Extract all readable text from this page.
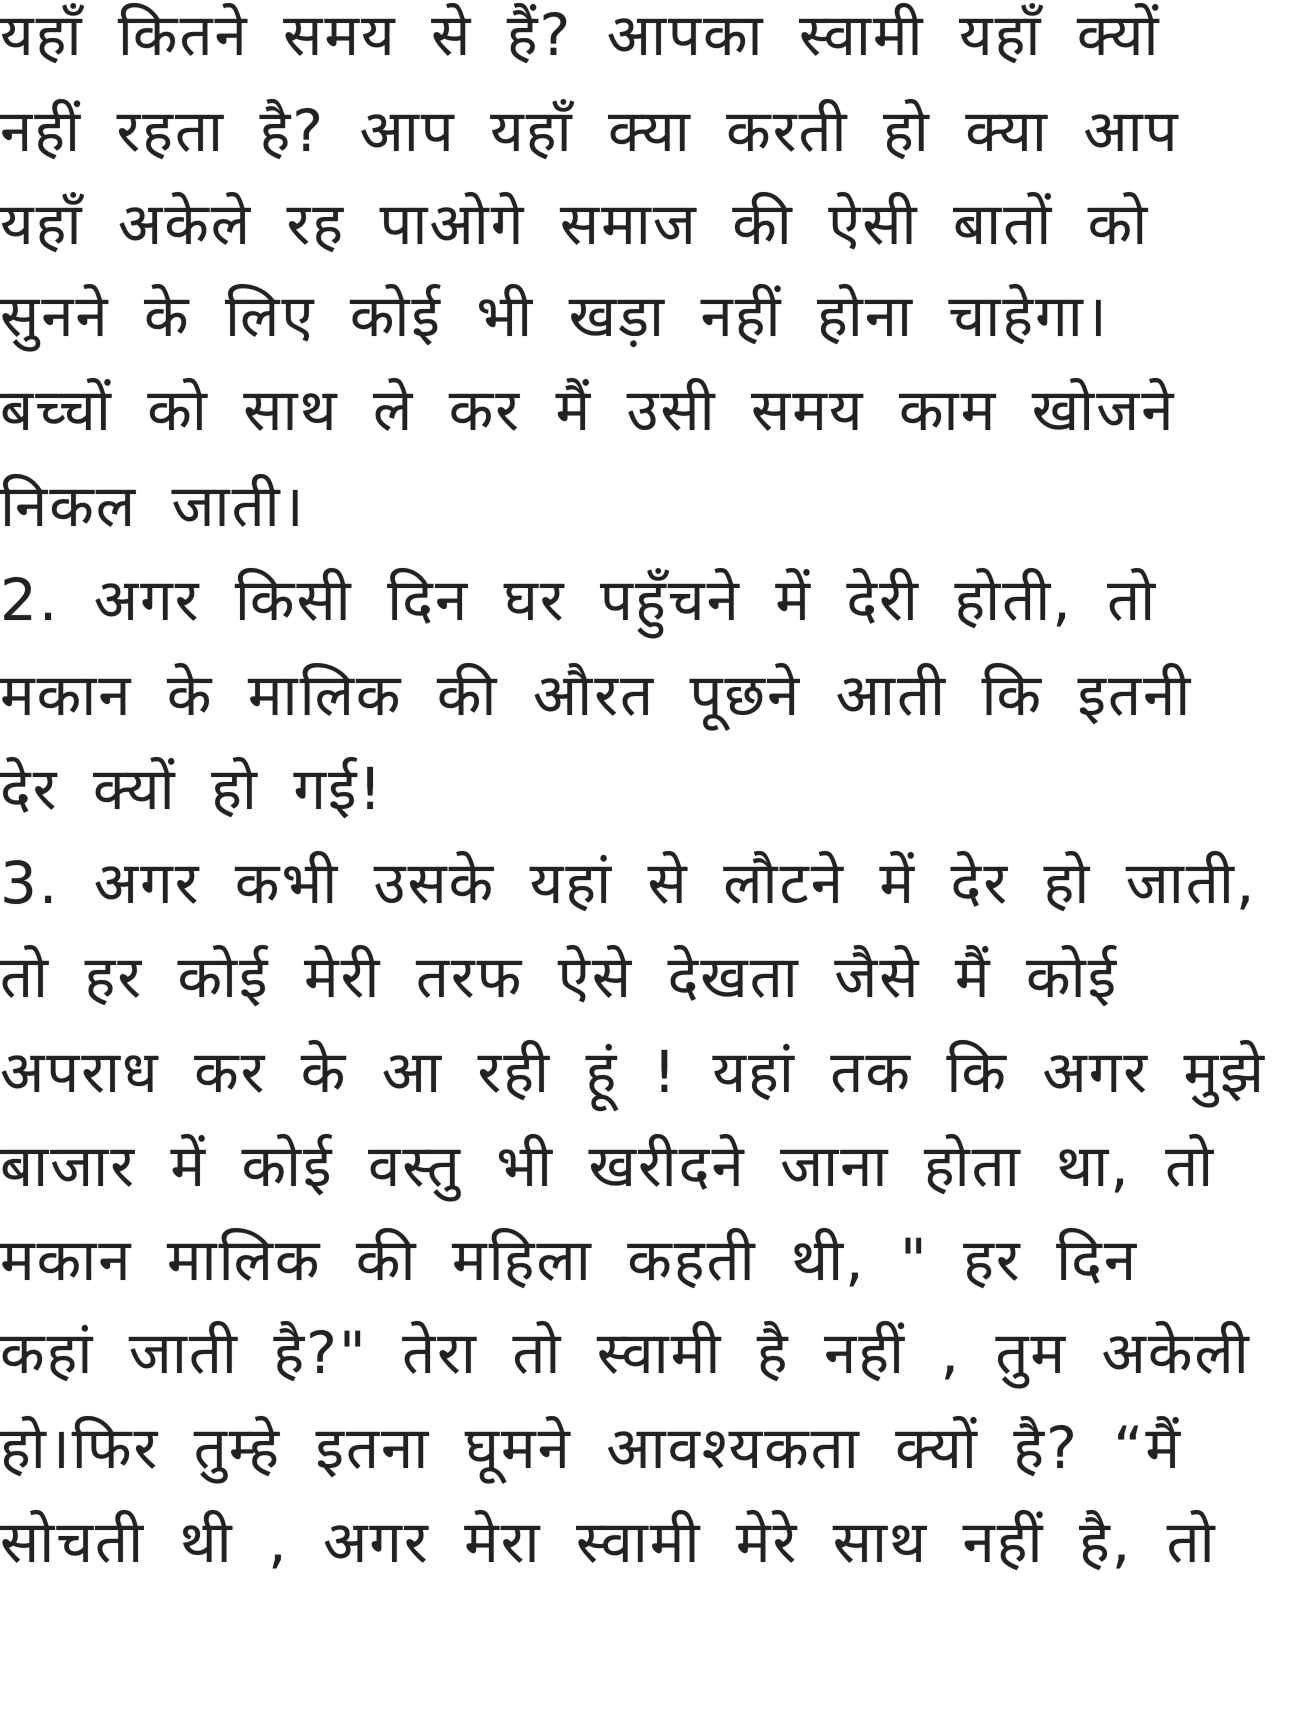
यहाँ कितने समय से हैं? आपका स्वामी यहाँ क्यों
नहीं रहता है? आप यहाँ क्या करती हो क्या आप
यहाँ अकेले रह पाओगे समाज की ऐसी बातों को
सुनने के लिए कोई भी खड़ा नहीं होना चाहेगा।
बच्चों को साथ ले कर मैं उसी समय काम खोजने
निकल जाती।
2. अगर किसी दिन घर पहुँचने में देरी होती, तो
मकान के मालिक की औरत पूछने आती कि इतनी
देर क्यों हो गई!
3. अगर कभी उसके यहां से लौटने में देर हो जाती,
तो हर कोई मेरी तरफ ऐसे देखता जैसे मैं कोई
अपराध कर के आ रही हूं ! यहां तक कि अगर मुझे
बाजार में कोई वस्तु भी खरीदने जाना होता था, तो
मकान मालिक की महिला कहती थी, " हर दिन
कहां जाती है?" तेरा तो स्वामी है नहीं , तुम अकेली
हो।फिर तुम्हे इतना घूमने आवश्यकता क्यों है? “मैं
सोचती थी , अगर मेरा स्वामी मेरे साथ नहीं है, तो
